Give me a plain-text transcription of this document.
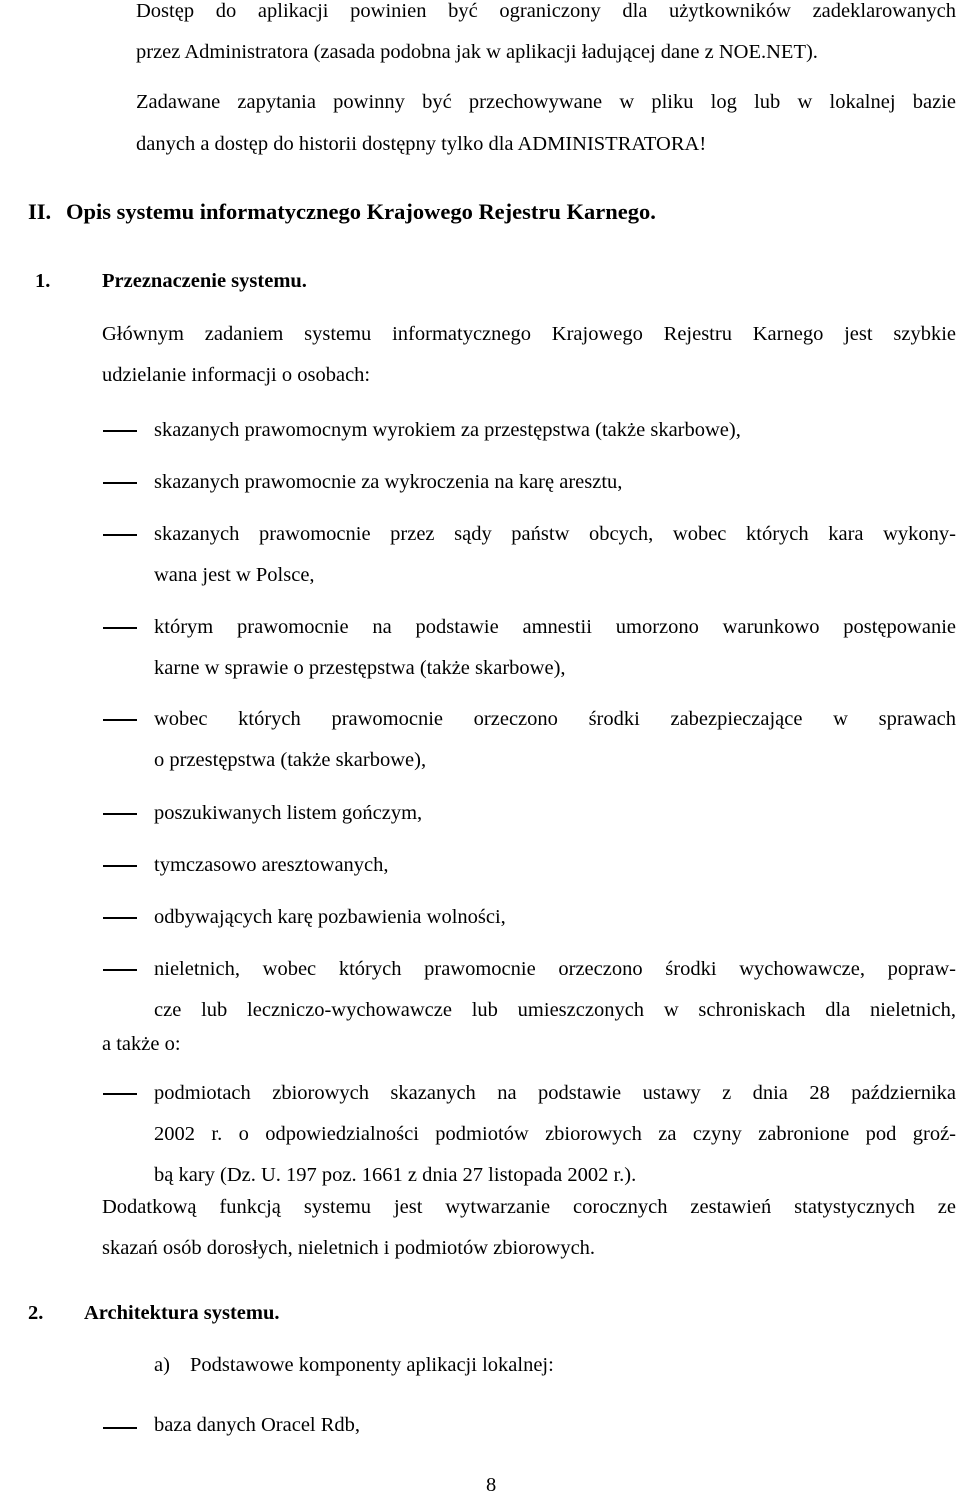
Dostęp do aplikacji powinien być ograniczony dla użytkowników zadeklarowanych
przez Administratora (zasada podobna jak w aplikacji ładującej dane z NOE.NET).
Zadawane zapytania powinny być przechowywane w pliku log lub w lokalnej bazie
danych a dostęp do historii dostępny tylko dla ADMINISTRATORA!
II. Opis systemu informatycznego Krajowego Rejestru Karnego.
1.	Przeznaczenie systemu.
Głównym zadaniem systemu informatycznego Krajowego Rejestru Karnego jest szybkie
udzielanie informacji o osobach:
skazanych prawomocnym wyrokiem za przestępstwa (także skarbowe),
skazanych prawomocnie za wykroczenia na karę aresztu,
skazanych prawomocnie przez sądy państw obcych, wobec których kara wykony-
wana jest w Polsce,
którym prawomocnie na podstawie amnestii umorzono warunkowo postępowanie
karne w sprawie o przestępstwa (także skarbowe),
wobec których prawomocnie orzeczono środki zabezpieczające w sprawach
o przestępstwa (także skarbowe),
poszukiwanych listem gończym,
tymczasowo aresztowanych,
odbywających karę pozbawienia wolności,
nieletnich, wobec których prawomocnie orzeczono środki wychowawcze, popraw-
cze lub leczniczo-wychowawcze lub umieszczonych w schroniskach dla nieletnich,
a także o:
podmiotach zbiorowych skazanych na podstawie ustawy z dnia 28 października
2002 r. o odpowiedzialności podmiotów zbiorowych za czyny zabronione pod groź-
bą kary (Dz. U. 197 poz. 1661 z dnia 27 listopada 2002 r.).
Dodatkową funkcją systemu jest wytwarzanie corocznych zestawień statystycznych ze
skazań osób dorosłych, nieletnich i podmiotów zbiorowych.
2. Architektura systemu.
a) Podstawowe komponenty aplikacji lokalnej:
baza danych Oracel Rdb,
8
